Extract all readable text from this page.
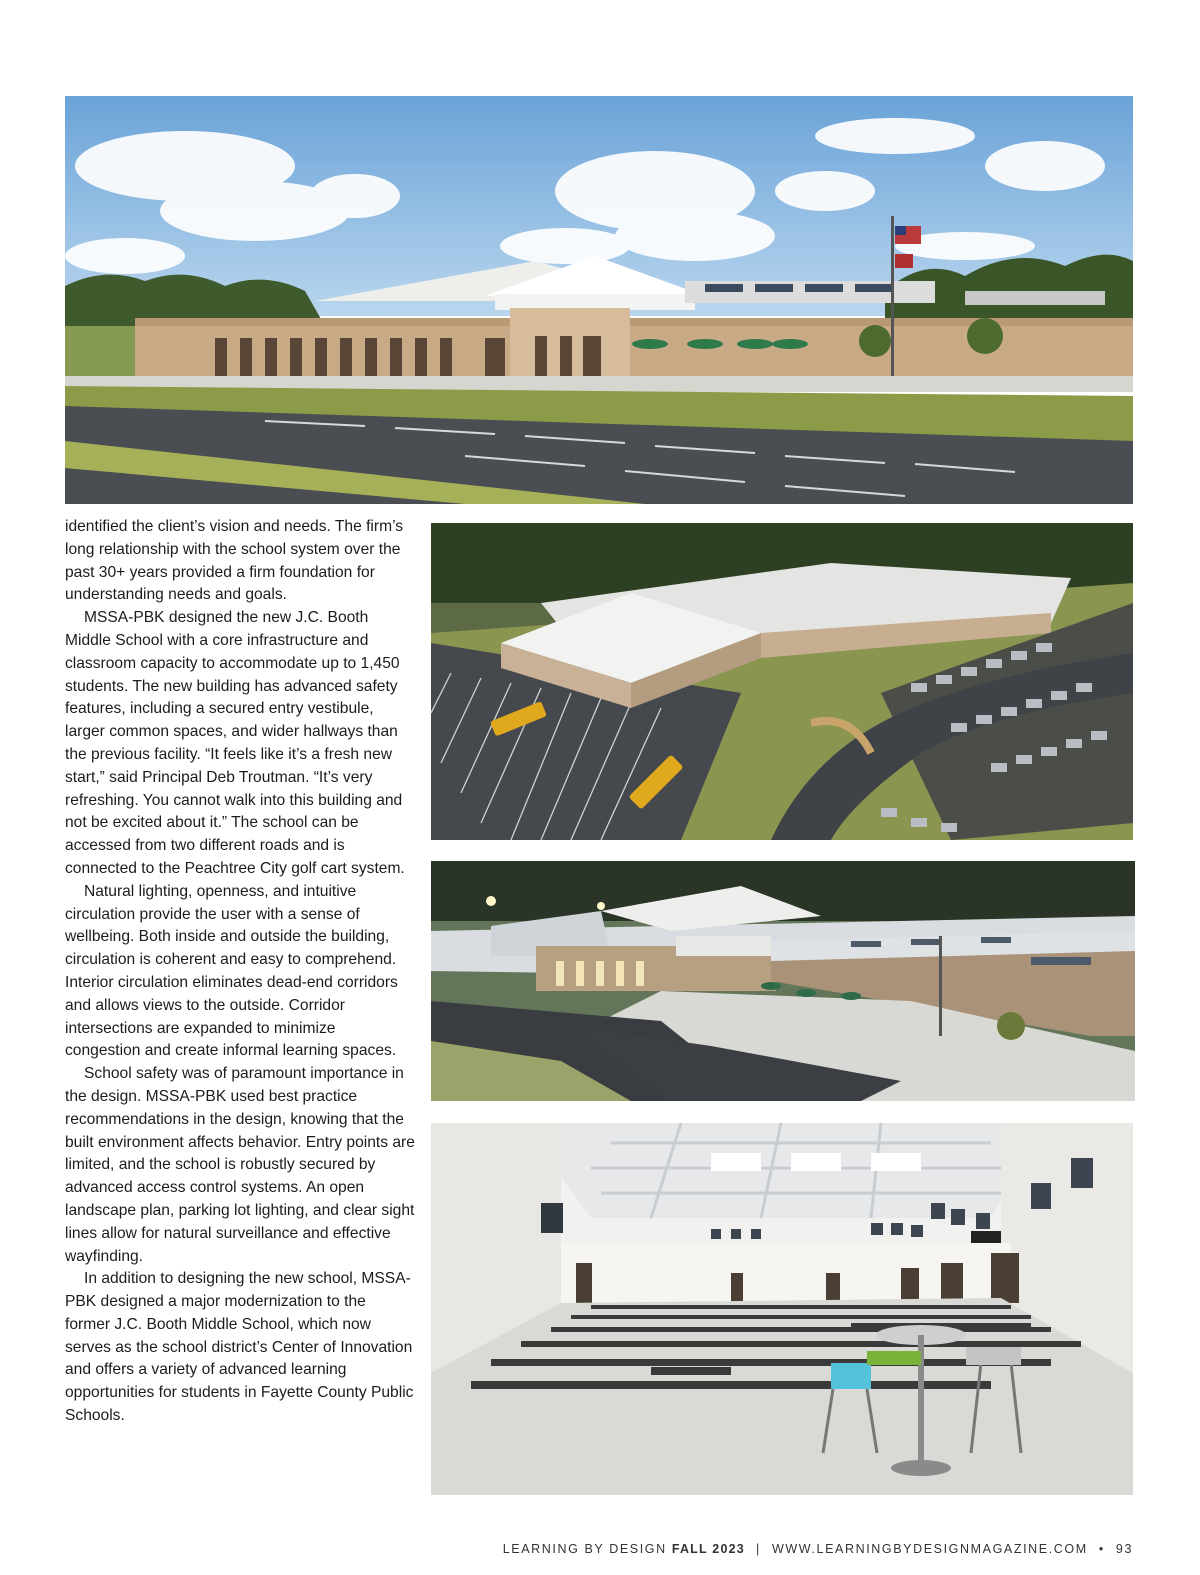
identified the client’s vision and needs. The firm’s long relationship with the school system over the past 30+ years provided a firm foundation for understanding needs and goals.

MSSA-PBK designed the new J.C. Booth Middle School with a core infrastructure and classroom capacity to accommodate up to 1,450 students. The new building has advanced safety features, including a secured entry vestibule, larger common spaces, and wider hallways than the previous facility. “It feels like it’s a fresh new start,” said Principal Deb Troutman. “It’s very refreshing. You cannot walk into this building and not be excited about it.” The school can be accessed from two different roads and is connected to the Peachtree City golf cart system.

Natural lighting, openness, and intuitive circulation provide the user with a sense of wellbeing. Both inside and outside the building, circulation is coherent and easy to comprehend. Interior circulation eliminates dead-end corridors and allows views to the outside. Corridor intersections are expanded to minimize congestion and create informal learning spaces.

School safety was of paramount importance in the design. MSSA-PBK used best practice recommendations in the design, knowing that the built environment affects behavior. Entry points are limited, and the school is robustly secured by advanced access control systems. An open landscape plan, parking lot lighting, and clear sight lines allow for natural surveillance and effective wayfinding.

In addition to designing the new school, MSSA-PBK designed a major modernization to the former J.C. Booth Middle School, which now serves as the school district’s Center of Innovation and offers a variety of advanced learning opportunities for students in Fayette County Public Schools.

LEARNING BY DESIGN FALL 2023 | WWW.LEARNINGBYDESIGNMAGAZINE.COM • 93
